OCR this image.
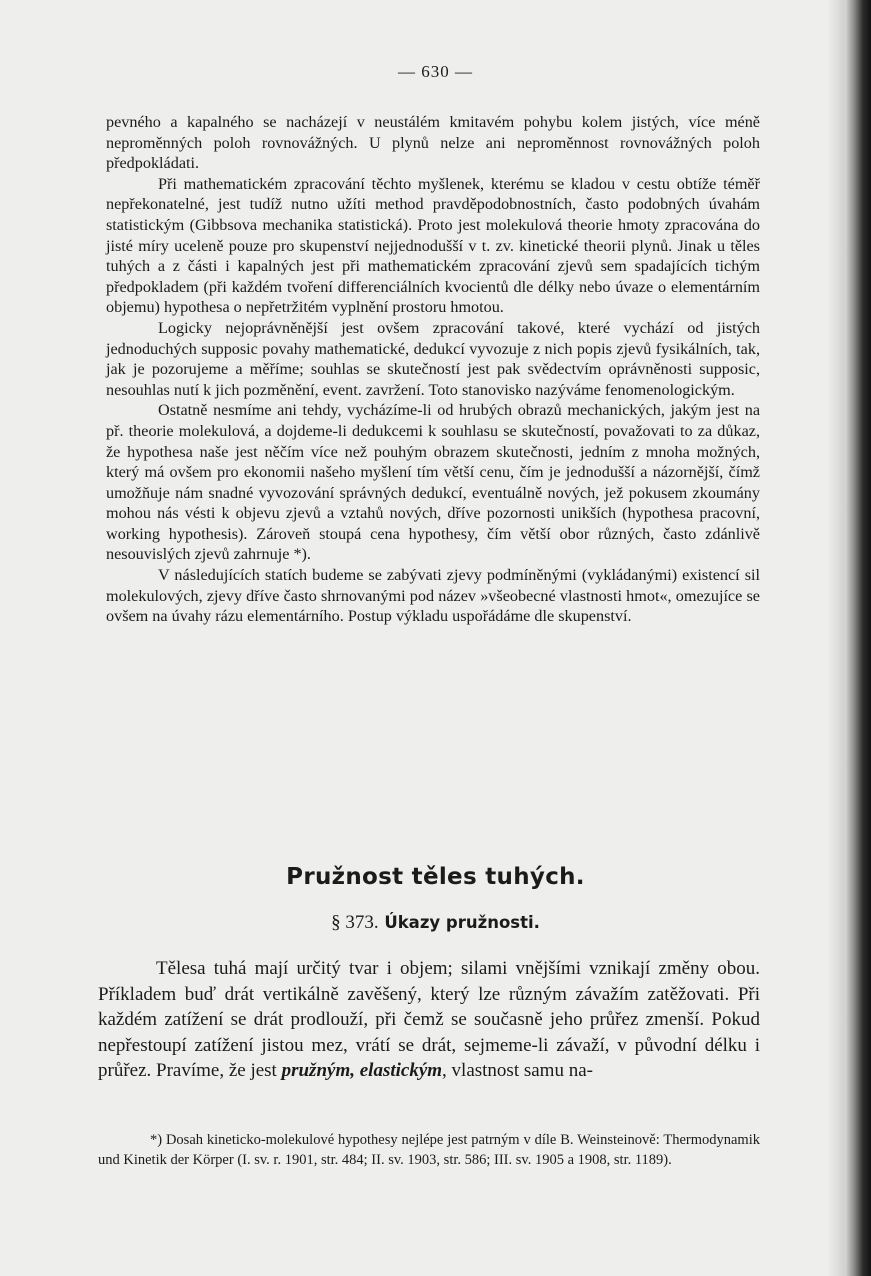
— 630 —

pevného a kapalného se nacházejí v neustálém kmitavém pohybu kolem jistých, více méně neproměnných poloh rovnovážných. U plynů nelze ani neproměnnost rovnovážných poloh předpokládati.

Při mathematickém zpracování těchto myšlenek, kterému se kladou v cestu obtíže téměř nepřekonatelné, jest tudíž nutno užíti method pravděpodobnostních, často podobných úvahám statistickým (Gibbsova mechanika statistická). Proto jest molekulová theorie hmoty zpracována do jisté míry uceleně pouze pro skupenství nejjednodušší v t. zv. kinetické theorii plynů. Jinak u těles tuhých a z části i kapalných jest při mathematickém zpracování zjevů sem spadajících tichým předpokladem (při každém tvoření differenciálních kvocientů dle délky nebo úvaze o elementárním objemu) hypothesa o nepřetržitém vyplnění prostoru hmotou.

Logicky nejoprávněnější jest ovšem zpracování takové, které vychází od jistých jednoduchých supposic povahy mathematické, dedukcí vyvozuje z nich popis zjevů fysikálních, tak, jak je pozorujeme a měříme; souhlas se skutečností jest pak svědectvím oprávněnosti supposic, nesouhlas nutí k jich pozměnění, event. zavržení. Toto stanovisko nazýváme fenomenologickým.

Ostatně nesmíme ani tehdy, vycházíme-li od hrubých obrazů mechanických, jakým jest na př. theorie molekulová, a dojdeme-li dedukcemi k souhlasu se skutečností, považovati to za důkaz, že hypothesa naše jest něčím více než pouhým obrazem skutečnosti, jedním z mnoha možných, který má ovšem pro ekonomii našeho myšlení tím větší cenu, čím je jednodušší a názornější, čímž umožňuje nám snadné vyvozování správných dedukcí, eventuálně nových, jež pokusem zkoumány mohou nás vésti k objevu zjevů a vztahů nových, dříve pozornosti unikších (hypothesa pracovní, working hypothesis). Zároveň stoupá cena hypothesy, čím větší obor různých, často zdánlivě nesouvislých zjevů zahrnuje *).

V následujících statích budeme se zabývati zjevy podmíněnými (vykládanými) existencí sil molekulových, zjevy dříve často shrnovanými pod název »všeobecné vlastnosti hmot«, omezujíce se ovšem na úvahy rázu elementárního. Postup výkladu uspořádáme dle skupenství.

Pružnost těles tuhých.
§ 373. Úkazy pružnosti.

Tělesa tuhá mají určitý tvar i objem; silami vnějšími vznikají změny obou. Příkladem buď drát vertikálně zavěšený, který lze různým závažím zatěžovati. Při každém zatížení se drát prodlouží, při čemž se současně jeho průřez zmenší. Pokud nepřestoupí zatížení jistou mez, vrátí se drát, sejmeme-li závaží, v původní délku i průřez. Pravíme, že jest pružným, elastickým, vlastnost samu na-

*) Dosah kineticko-molekulové hypothesy nejlépe jest patrným v díle B. Weinsteinově: Thermodynamik und Kinetik der Körper (I. sv. r. 1901, str. 484; II. sv. 1903, str. 586; III. sv. 1905 a 1908, str. 1189).
